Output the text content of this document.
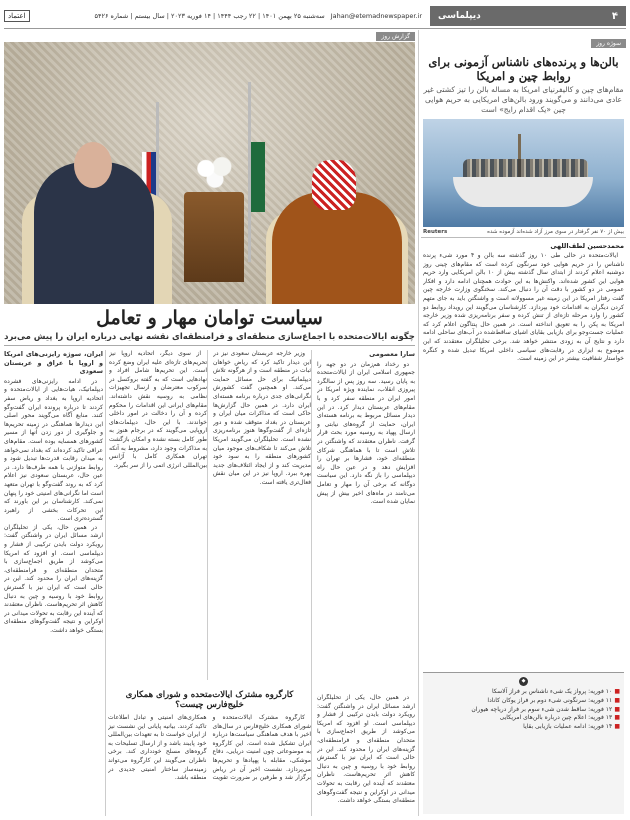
اعتماد	سه‌شنبه ۲۵ بهمن ۱۴۰۱ | ۲۲ رجب ۱۴۴۴ | ۱۴ فوریه ۲۰۲۳ | سال بیستم | شماره ۵۴۲۶ Jahan@etemadnewspaper.ir	۴
دیپلماسی
سوژه روز
بالن‌ها و پرنده‌های ناشناس آزمونی برای روابط چین و امریکا
مقام‌های چین و کالیفرنیای امریکا به مساله بالن را تیز کشتی غیر عادی می‌دانند و می‌گویند ورود بالن‌های امریکایی به حریم هوایی چین «یک اقدام رایج» است
بیش از ۷۰ نفر گرفتار در سوی مرز آزاد شده‌اند آزموده شده
Reuters
محمدحسین لطف‌اللهی

ایالات‌متحده در حالی طی ۱۰ روز گذشته سه بالن و ۴ مورد شیء پرنده ناشناس را در حریم هوایی خود سرنگون کرده است که مقام‌های چینی روز دوشنبه اعلام کردند از ابتدای سال گذشته بیش از ۱۰ بالن امریکایی وارد حریم هوایی این کشور شده‌اند. واکنش‌ها به این حوادث همچنان ادامه دارد و افکار عمومی در دو کشور با دقت آن را دنبال می‌کند. سخنگوی وزارت خارجه چین گفت رفتار امریکا در این زمینه غیر مسوولانه است و واشنگتن باید به جای متهم کردن دیگران به اقدامات خود بپردازد. کارشناسان می‌گویند این رویداد روابط دو کشور را وارد مرحله تازه‌ای از تنش کرده و سفر برنامه‌ریزی شده وزیر خارجه امریکا به پکن را به تعویق انداخته است. در همین حال پنتاگون اعلام کرد که عملیات جست‌وجو برای بازیابی بقایای اشیای ساقط‌شده در آب‌های ساحلی ادامه دارد و نتایج آن به زودی منتشر خواهد شد. برخی تحلیلگران معتقدند که این موضوع به ابزاری در رقابت‌های سیاسی داخلی امریکا تبدیل شده و کنگره خواستار شفافیت بیشتر در این زمینه است.

◆
■ ۱۰ فوریه: پرواز یک شیء ناشناس بر فراز آلاسکا
■ ۱۱ فوریه: سرنگونی شیء دوم بر فراز یوکان کانادا
■ ۱۲ فوریه: ساقط شدن شیء سوم بر فراز دریاچه هیوران
■ ۱۳ فوریه: اعلام چین درباره بالن‌های امریکایی
■ ۱۴ فوریه: ادامه عملیات بازیابی بقایا
گزارش روز
سیاست توامان مهار و تعامل
چگونه ایالات‌متحده با اجماع‌سازی منطقه‌ای و فرامنطقه‌ای نقشه نهایی درباره ایران را پیش می‌برد
سارا معصومی

دو رخداد هم‌زمان در دو جهه را جمهوری اسلامی ایران از ایالات‌متحده به پایان رسید. سه روز پس از سالگرد پیروزی انقلاب، نماینده ویژه امریکا در امور ایران در منطقه سفر کرد و با مقام‌های عربستان دیدار کرد. در این دیدار مسائل مربوط به برنامه هسته‌ای ایران، حمایت از گروه‌های نیابتی و ارسال پهپاد به روسیه مورد بحث قرار گرفت. ناظران معتقدند که واشنگتن در تلاش است تا با هماهنگی شرکای منطقه‌ای خود، فشارها بر تهران را افزایش دهد و در عین حال راه دیپلماسی را باز نگه دارد. این سیاست دوگانه که برخی آن را مهار و تعامل می‌نامند در ماه‌های اخیر بیش از پیش نمایان شده است.

وزیر خارجه عربستان سعودی نیز در این دیدار تاکید کرد که ریاض خواهان ثبات در منطقه است و از هرگونه تلاش دیپلماتیک برای حل مسائل حمایت می‌کند. او همچنین گفت کشورش نگرانی‌های جدی درباره برنامه هسته‌ای ایران دارد. در همین حال گزارش‌ها حاکی است که مذاکرات میان ایران و عربستان در بغداد متوقف شده و دور تازه‌ای از گفت‌وگوها هنوز برنامه‌ریزی نشده است. تحلیلگران می‌گویند امریکا تلاش می‌کند تا شکاف‌های موجود میان کشورهای منطقه را به سود خود مدیریت کند و از ایجاد ائتلاف‌های جدید بهره ببرد. اروپا نیز در این میان نقش فعال‌تری یافته است.

از سوی دیگر، اتحادیه اروپا نیز تحریم‌های تازه‌ای علیه ایران وضع کرده است. این تحریم‌ها شامل افراد و نهادهایی است که به گفته بروکسل در سرکوب معترضان و ارسال تجهیزات نظامی به روسیه نقش داشته‌اند. مقام‌های ایرانی این اقدامات را محکوم کرده و آن را دخالت در امور داخلی خواندند. با این حال، دیپلمات‌های اروپایی می‌گویند که در برجام هنوز به طور کامل بسته نشده و امکان بازگشت به مذاکرات وجود دارد، مشروط به آنکه تهران همکاری کامل با آژانس بین‌المللی انرژی اتمی را از سر بگیرد.

ایران، سوژه رایزنی‌های امریکا و اروپا با عراق و عربستان سعودی

در ادامه رایزنی‌های فشرده دیپلماتیک، هیات‌هایی از ایالات‌متحده و اتحادیه اروپا به بغداد و ریاض سفر کردند تا درباره پرونده ایران گفت‌وگو کنند. منابع آگاه می‌گویند محور اصلی این دیدارها هماهنگی در زمینه تحریم‌ها و جلوگیری از دور زدن آنها از مسیر کشورهای همسایه بوده است. مقام‌های عراقی تاکید کرده‌اند که بغداد نمی‌خواهد به میدان رقابت قدرت‌ها تبدیل شود و روابط متوازنی با همه طرف‌ها دارد. در عین حال، عربستان سعودی نیز اعلام کرد که به روند گفت‌وگو با تهران متعهد است اما نگرانی‌های امنیتی خود را پنهان نمی‌کند. کارشناسان بر این باورند که این تحرکات بخشی از راهبرد گسترده‌تری است.

در همین حال، یکی از تحلیلگران ارشد مسائل ایران در واشنگتن گفت: رویکرد دولت بایدن ترکیبی از فشار و دیپلماسی است. او افزود که امریکا می‌کوشد از طریق اجماع‌سازی با متحدان منطقه‌ای و فرامنطقه‌ای، گزینه‌های ایران را محدود کند. این در حالی است که ایران نیز با گسترش روابط خود با روسیه و چین به دنبال کاهش اثر تحریم‌هاست. ناظران معتقدند که آینده این رقابت به تحولات میدانی در اوکراین و نتیجه گفت‌وگوهای منطقه‌ای بستگی خواهد داشت.

کارگروه مشترک ایالات‌متحده و شورای همکاری خلیج‌فارس چیست؟

کارگروه مشترک ایالات‌متحده و شورای همکاری خلیج‌فارس در سال‌های اخیر با هدف هماهنگی سیاست‌ها درباره ایران تشکیل شده است. این کارگروه به موضوعاتی چون امنیت دریایی، دفاع موشکی، مقابله با پهپادها و تحریم‌ها می‌پردازد. نشست اخیر آن در ریاض برگزار شد و طرفین بر ضرورت تقویت همکاری‌های امنیتی و تبادل اطلاعات تاکید کردند. بیانیه پایانی این نشست نیز از ایران خواست تا به تعهدات بین‌المللی خود پایبند باشد و از ارسال تسلیحات به گروه‌های مسلح خودداری کند. برخی ناظران می‌گویند این کارگروه می‌تواند زمینه‌ساز ساختار امنیتی جدیدی در منطقه باشد.

در همین حال، یکی از تحلیلگران ارشد مسائل ایران در واشنگتن گفت: رویکرد دولت بایدن ترکیبی از فشار و دیپلماسی است. او افزود که امریکا می‌کوشد از طریق اجماع‌سازی با متحدان منطقه‌ای و فرامنطقه‌ای، گزینه‌های ایران را محدود کند. این در حالی است که ایران نیز با گسترش روابط خود با روسیه و چین به دنبال کاهش اثر تحریم‌هاست. ناظران معتقدند که آینده این رقابت به تحولات میدانی در اوکراین و نتیجه گفت‌وگوهای منطقه‌ای بستگی خواهد داشت.
